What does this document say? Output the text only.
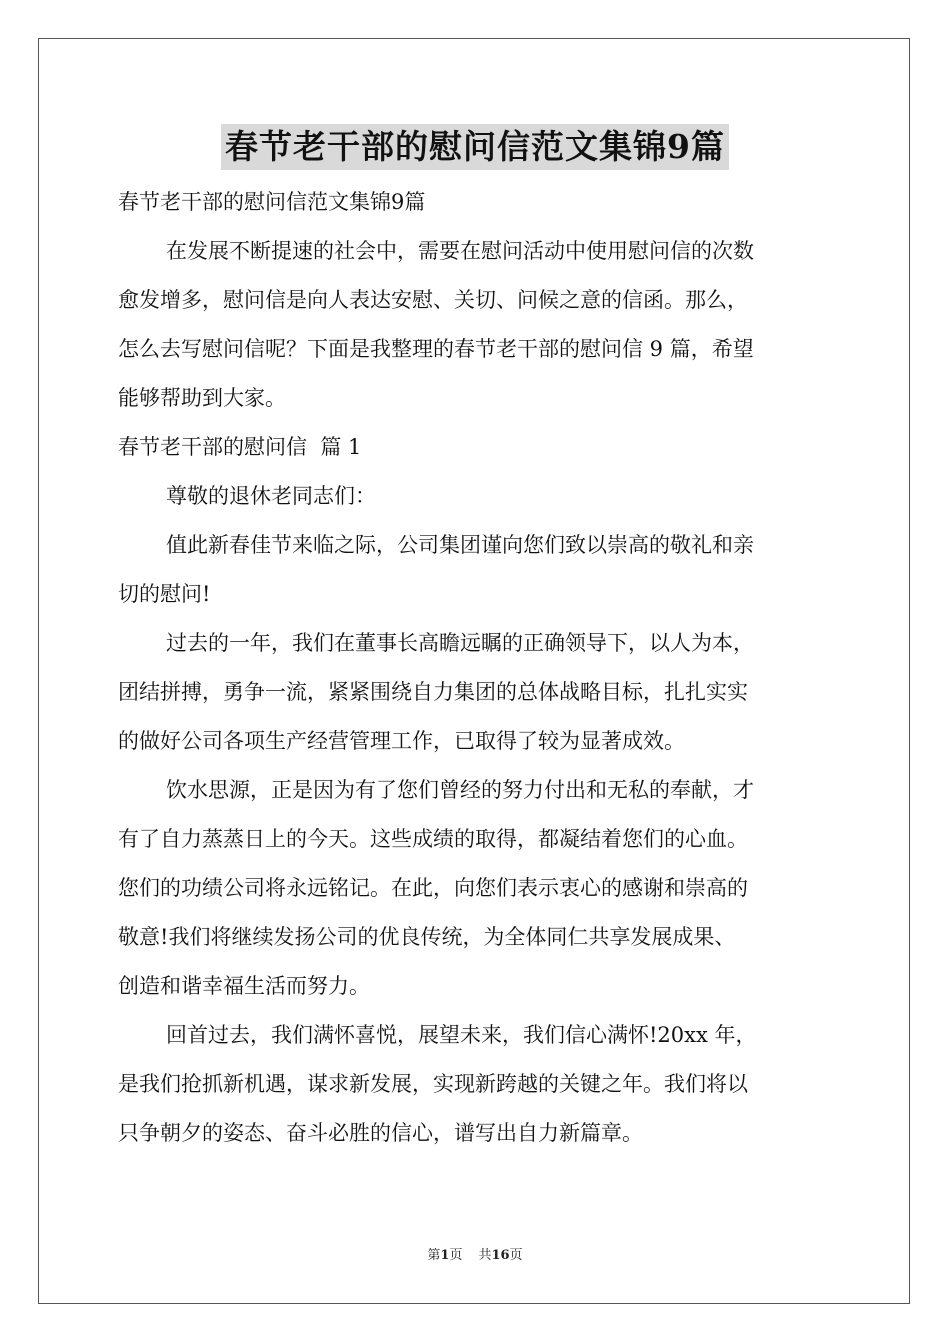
春节老干部的慰问信范文集锦9篇

春节老干部的慰问信范文集锦9篇

在发展不断提速的社会中，需要在慰问活动中使用慰问信的次数

愈发增多，慰问信是向人表达安慰、关切、问候之意的信函。那么，

怎么去写慰问信呢？下面是我整理的春节老干部的慰问信 9 篇，希望

能够帮助到大家。

春节老干部的慰问信  篇 1

尊敬的退休老同志们：

值此新春佳节来临之际，公司集团谨向您们致以崇高的敬礼和亲

切的慰问!

过去的一年，我们在董事长高瞻远瞩的正确领导下，以人为本，

团结拼搏，勇争一流，紧紧围绕自力集团的总体战略目标，扎扎实实

的做好公司各项生产经营管理工作，已取得了较为显著成效。

饮水思源，正是因为有了您们曾经的努力付出和无私的奉献，才

有了自力蒸蒸日上的今天。这些成绩的取得，都凝结着您们的心血。

您们的功绩公司将永远铭记。在此，向您们表示衷心的感谢和崇高的

敬意!我们将继续发扬公司的优良传统，为全体同仁共享发展成果、

创造和谐幸福生活而努力。

回首过去，我们满怀喜悦，展望未来，我们信心满怀!20xx 年，

是我们抢抓新机遇，谋求新发展，实现新跨越的关键之年。我们将以

只争朝夕的姿态、奋斗必胜的信心，谱写出自力新篇章。

第1页 共16页
